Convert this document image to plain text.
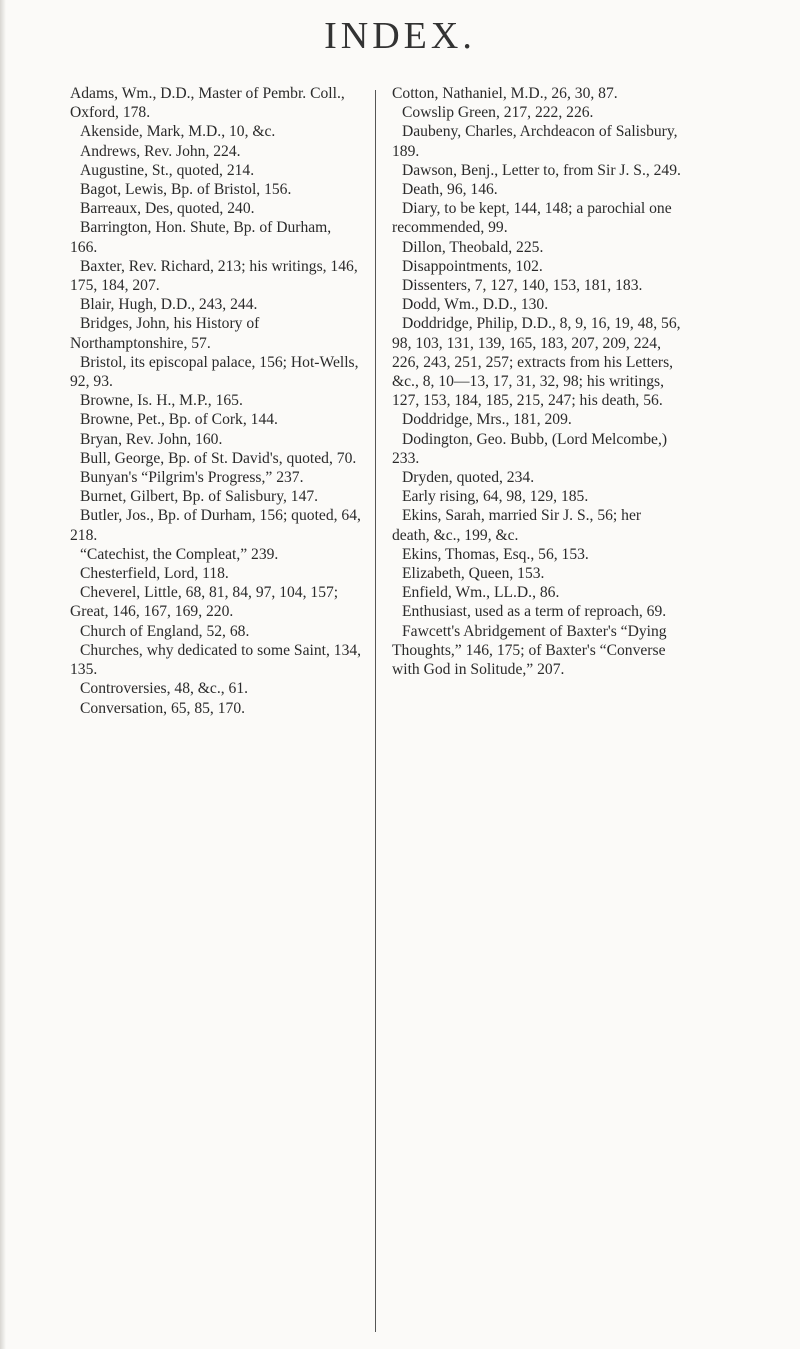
INDEX.

Adams, Wm., D.D., Master of Pembr. Coll., Oxford, 178.

Akenside, Mark, M.D., 10, &c.

Andrews, Rev. John, 224.

Augustine, St., quoted, 214.

Bagot, Lewis, Bp. of Bristol, 156.

Barreaux, Des, quoted, 240.

Barrington, Hon. Shute, Bp. of Durham, 166.

Baxter, Rev. Richard, 213; his writings, 146, 175, 184, 207.

Blair, Hugh, D.D., 243, 244.

Bridges, John, his History of Northamptonshire, 57.

Bristol, its episcopal palace, 156; Hot-Wells, 92, 93.

Browne, Is. H., M.P., 165.

Browne, Pet., Bp. of Cork, 144.

Bryan, Rev. John, 160.

Bull, George, Bp. of St. David's, quoted, 70.

Bunyan's “Pilgrim's Progress,” 237.

Burnet, Gilbert, Bp. of Salisbury, 147.

Butler, Jos., Bp. of Durham, 156; quoted, 64, 218.

“Catechist, the Compleat,” 239.

Chesterfield, Lord, 118.

Cheverel, Little, 68, 81, 84, 97, 104, 157; Great, 146, 167, 169, 220.

Church of England, 52, 68.

Churches, why dedicated to some Saint, 134, 135.

Controversies, 48, &c., 61.

Conversation, 65, 85, 170.

Cotton, Nathaniel, M.D., 26, 30, 87.

Cowslip Green, 217, 222, 226.

Daubeny, Charles, Archdeacon of Salisbury, 189.

Dawson, Benj., Letter to, from Sir J. S., 249.

Death, 96, 146.

Diary, to be kept, 144, 148; a parochial one recommended, 99.

Dillon, Theobald, 225.

Disappointments, 102.

Dissenters, 7, 127, 140, 153, 181, 183.

Dodd, Wm., D.D., 130.

Doddridge, Philip, D.D., 8, 9, 16, 19, 48, 56, 98, 103, 131, 139, 165, 183, 207, 209, 224, 226, 243, 251, 257; extracts from his Letters, &c., 8, 10—13, 17, 31, 32, 98; his writings, 127, 153, 184, 185, 215, 247; his death, 56.

Doddridge, Mrs., 181, 209.

Dodington, Geo. Bubb, (Lord Melcombe,) 233.

Dryden, quoted, 234.

Early rising, 64, 98, 129, 185.

Ekins, Sarah, married Sir J. S., 56; her death, &c., 199, &c.

Ekins, Thomas, Esq., 56, 153.

Elizabeth, Queen, 153.

Enfield, Wm., LL.D., 86.

Enthusiast, used as a term of reproach, 69.

Fawcett's Abridgement of Baxter's “Dying Thoughts,” 146, 175; of Baxter's “Converse with God in Solitude,” 207.
